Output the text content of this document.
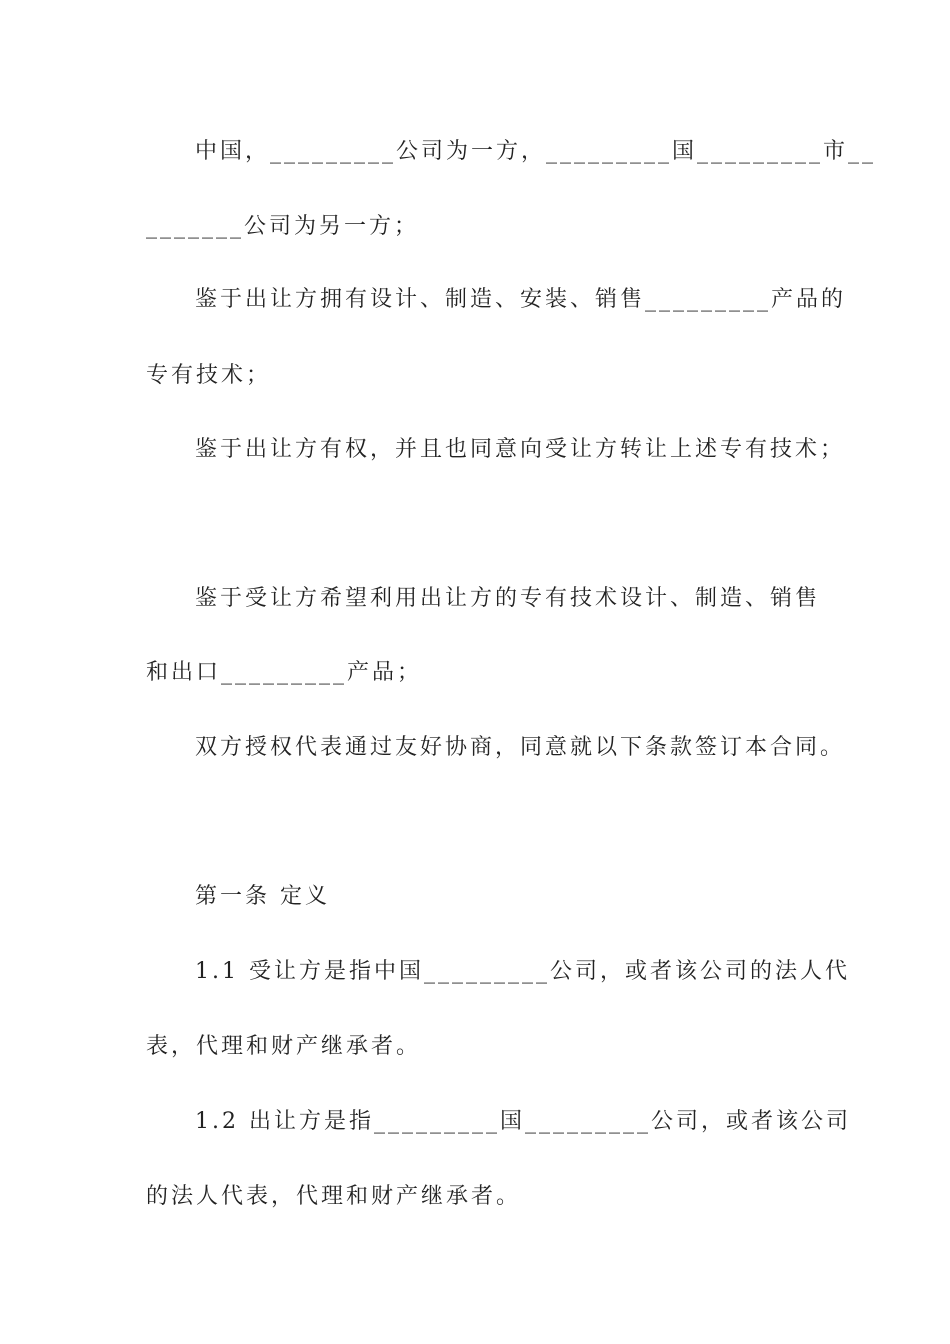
中国，_________公司为一方，_________国_________市__
_______公司为另一方；
鉴于出让方拥有设计、制造、安装、销售_________产品的
专有技术；
鉴于出让方有权，并且也同意向受让方转让上述专有技术；
鉴于受让方希望利用出让方的专有技术设计、制造、销售
和出口_________产品；
双方授权代表通过友好协商，同意就以下条款签订本合同。
第一条 定义
1.1 受让方是指中国_________公司，或者该公司的法人代
表，代理和财产继承者。
1.2 出让方是指_________国_________公司，或者该公司
的法人代表，代理和财产继承者。
